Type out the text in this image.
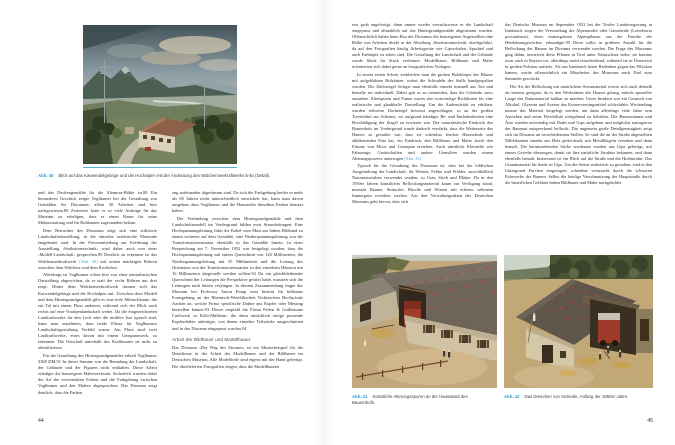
Abb. 40 Blick auf das Karwendelgebirge und die Hochalpen mit der Andeutung des Walchenseekraftwerks links (Detail).

und das Deckengemälde für die Altamira-Höhle zu.88 Ein besonderes Geschick zeigte Voglhumer bei der Gestaltung von Gemälden für Dioramen; allein 30 Arbeiten sind hier nachgewiesen.89 Zeitweise hatte er so viele Aufträge für das Museum zu erledigen, dass er einen Raum für seine Malausstattung und für Rohbauten zugestanden bekam.

Dem Betrachter des Dioramas zeigt sich eine stilisierte Landschaftsdarstellung, in die einzelne realistische Elemente eingebettet sind. In der Pressemitteilung zur Eröffnung der Ausstellung ›Starkstromtechnik‹ wird daher auch von einer ›Modell-Landschaft‹ gesprochen.90 Deutlich zu erkennen ist das Walchenseekraftwerk [Abb. 40] mit seinen mächtigen Röhren zwischen dem Walchen- und dem Kochelsee.

Allerdings ist Voglhumer schon hier von einer naturalistischen Darstellung abgewichen, da er statt der sechs Röhren nur drei zeigt. Hinter dem Walchenseekraftwerk türmen sich das Karwendelgebirge und die Hochalpen auf. Zwischen dem Modell und dem Hintergrundgemälde gibt es eine tiefe Abbruchkante, die ein Tal mit einem Fluss andeutet, während sich der Blick nach rechts auf eine Voralpenlandschaft weitet. Da die eingezeichneten Laufkraftwerke für den Lech oder die mittlere Isar typisch sind, kann man annehmen, dass beide Flüsse für Voglhumers Landschaftsgestaltung Vorbild waren. Am Fluss sind zwei Laufkraftwerke, eines davon mit einem Umspannwerk, zu erkennen. Die Ortschaft unterhalb des Krafthauses ist nicht zu identifizieren.

Für die Gestaltung des Hintergrundgemäldes erhielt Voglhumer 3300 DM.91 In dieser Summe war die Bemalung der Landschaft, der Gebäude und der Figuren nicht enthalten. Diese Arbeit erledigte die hauseigene Malerwerkstatt. Sicherlich wurden dabei die Art der verwendeten Farben und die Farbgebung zwischen Voglhumer und den Malern abgesprochen. Das Diorama zeigt deutlich, dass die Farben

eng aufeinander abgestimmt sind. Da sich die Farbgebung beider in mehr als 60 Jahren nicht unterschiedlich entwickelt hat, kann man davon ausgehen, dass Voglhumer und die Hausmaler dieselben Farben benutzt haben.

Die Verbindung zwischen dem Hintergrundgemälde und dem Landschaftsmodell im Vordergrund bilden zwei Stromleitungen: Eine Hochspannungsleitung führt die Kabel vom Mast am linken Bildrand zu einem weiteren auf dem Gemälde, eine Niederspannungsleitung von der Transformatorenstation ebenfalls in das Gemälde hinein. In einer Besprechung am 7. November 1952 war festgelegt worden, dass die Hochspannungsleitung mit einem Querschnitt von 120 Millimetern, die Niederspannungsleitung mit 35 Millimetern und die Leitung des Ortsnetzes von der Transformatorenstation zu den einzelnen Häusern mit 16 Millimetern dargestellt werden sollten.92 Da ein gleichbleibender Querschnitt der Leitungen die Perspektive gestört hätte, mussten sich die Leitungen nach hinten verjüngen. In diesem Zusammenhang fragte das Museum bei Professor Anton Pomp vom Institut für bildsame Formgebung an der Rheinisch-Westfälischen Technischen Hochschule Aachen an, welche Firma spezifische Drähte aus Kupfer oder Messing herstellen könnte.93 Dieser empfahl die Firma Felten & Guilleaume Carlswerk in Köln-Mülheim, die dann tatsächlich einige passende Kupferdrähte anfertigte, von denen einzelne Teilstücke ausgeschnitten und in das Diorama eingepasst wurden.94

Arbeit der Bildhauer und Modellbauer

Das Diorama ›Der Weg des Stromes‹ ist ein Musterbeispiel für die Detailtreue in der Arbeit der Modellbauer und der Bildhauer im Deutschen Museum. Alle Modellteile sind eigens mit der Hand gefertigt. Die überlieferten Fotografien zeigen, dass die Modellbauten

44

erst grob angefertigt, dann immer wieder versuchsweise in die Landschaft eingepasst und allmählich auf das Hintergrundgemälde abgestimmt wurden. Offensichtlich haben beim Bau des Dioramas die hauseigenen Angestellten eine Reihe von Arbeiten direkt in der Abteilung ›Starkstromtechnik‹ durchgeführt, da auf den Fotografien häufig Arbeitsgeräte wie Gipsschalen, Spachtel und auch Farbtöpfe zu sehen sind. Die Gestaltung der Landschaft und der Gebäude wurde Stück für Stück verfeinert. Modellbauer, Bildhauer und Maler orientierten sich dabei gerne an fotografischen Vorlagen.

In einem ersten Schritt verkleidete man die groben Holzkörper der Häuser mit aufgeklebten Holzlatten, wobei die Schindeln des Stalls handgespalten wurden. Die Dachziegel fertigte man ebenfalls einzeln manuell aus Ton und bemalte sie individuell. Dabei galt es zu vermeiden, dass die Gebäude ›neu‹ aussahen. Alterspuren und Patina waren also notwendige Richtlinien für eine realistische und glaubhafte Darstellung. Um die Authentizität zu erhöhen, wurden teilweise Dachziegel bewusst angeschlagen, so an der großen Toreinfahrt zur Scheune, wo aufgrund ständiger Be- und Entladearbeiten eine Beschädigung der Ziegel zu erwarten war. Der naturalistische Eindruck des Bauernhofs im Vordergrund wurde dadurch verstärkt, dass die Wetterseite des Hauses so gestaltet war, dass sie scheinbar feuchte Hauswände und abblätternden Putz hat, ein Eindruck, den Bildhauer und Maler durch den Einsatz von Moos und Grünspan erzielten. Auch sämtliche Kleinteile wie Fahrzeuge, Gerätschaften und andere Utensilien wurden einem Alterungsprozess unterzogen [Abb. 41].

Typisch für die Gestaltung des Dioramas ist, dass bei der bildlichen Ausgestaltung der Landschaft, für Wiesen, Felder und Wälder, ausschließlich Naturmaterialien verwendet wurden, so Gras, Stroh und Blätter. Da in den 1950er Jahren künstliches Beflockungsmaterial kaum zur Verfügung stand, mussten Bäume, Sträucher, Büsche und Wiesen mit echtem, seltenem Immergrün versehen werden. Aus den Verwaltungsakten des Deutschen Museums geht hervor, dass sich

das Deutsche Museum im September 1952 bei der Tiroler Landesregierung in Innsbruck wegen der Verwendung der Alpenazalee oder Gamsheide (Loiseleuria procumbens), einer immergrünen Alpenpflanze aus der Familie der Heidekrautgewächse, erkundigte.95 Diese sollte in größerer Anzahl für die Beflockung der Bäume im Diorama verwendet werden. Die Frage des Museums ging dahin, inwieweit diese Pflanze in Tirol unter Naturschutz stehe; sie komme zwar auch in Bayern vor, allerdings meist einzelstehend, während sie in Österreich in großen Polstern auftrete. Als aus Innsbruck keine Bedenken gegen das Pflücken kamen, wurde offensichtlich ein Mitarbeiter des Museums nach Tirol zum Sammeln geschickt.

Die Art der Beflockung mit natürlichem Streumaterial erwies sich auch deshalb als bestens geeignet, da es den Werkstätten des Hauses gelang, mittels spezieller Lauge das Naturmaterial haltbar zu machen. Unter Insidern war ein Gemisch von Alkohol, Glyzerin und Azeton das Konservierungsmittel schlechthin. Wochenlang musste das Material eingelegt werden, um dann allerdings viele Jahre sein Aussehen und seine Flexibilität weitgehend zu behalten. Die Baumstämme und Äste wurden aufwendig mit Draht und Gips aufgebaut und möglichst naturgetreu der Baumart entsprechend beflockt. Die ungemein große Detailgenauigkeit zeigt sich im Diorama an verschiedensten Stellen. So sind die an der Straße abgestellten Milchkannen einzeln aus Holz gedrechselt, mit Metallbügeln versehen und dann bemalt. Die herumstehenden Säcke wiederum wurden aus Gips gefertigt, mit einem Gewebe überzogen, damit sie ihre natürliche Struktur bekamen, und dann ebenfalls bemalt. Interessant ist ein Blick auf die Straße und die Hofeinfahrt. Das Grundmaterial für beide ist Gips. Um die Steine realistisch zu gestalten, sind in den Untergrund Furchen eingezogen, scheinbar verursacht durch die schweren Fuhrwerke der Bauern. Selbst die häufige Verschmutzung der Hauptstraße durch die bäuerlichen Gefährte haben Bildhauer und Maler nachgebildet.

Abb. 41 Künstliche Alterungsspuren an der Hauswand des Bauernhofs.
Abb. 42 Das Dreschen von Getreide, Anfang der 1950er Jahre.
45
